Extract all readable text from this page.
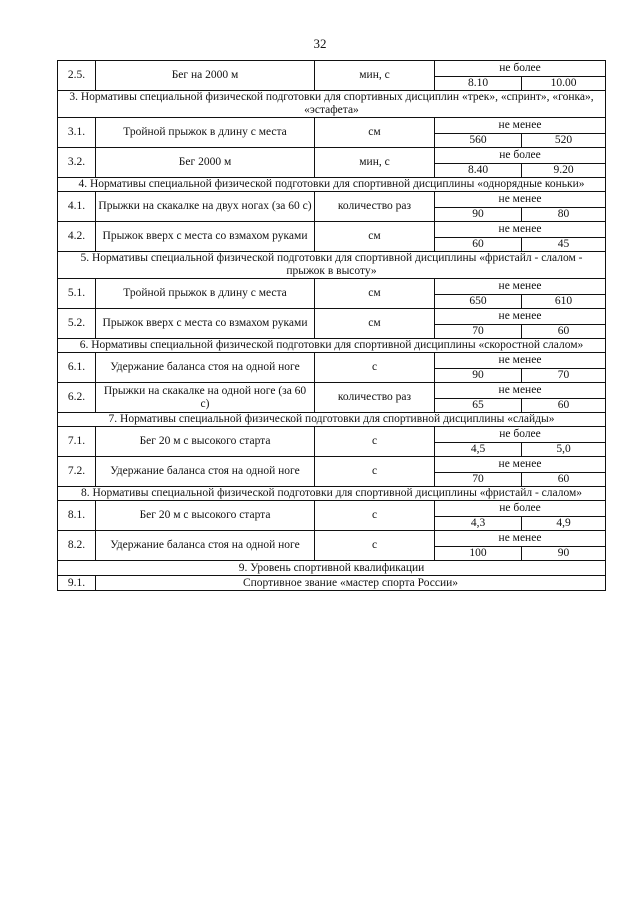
32
2.5.	Бег на 2000 м	мин, с	не более	
			8.10	10.00
3. Нормативы специальной физической подготовки для спортивных дисциплин «трек», «спринт», «гонка», «эстафета»				
3.1.	Тройной прыжок в длину с места	см	не менее	
			560	520
3.2.	Бег 2000 м	мин, с	не более	
			8.40	9.20
4. Нормативы специальной физической подготовки для спортивной дисциплины «однорядные коньки»				
4.1.	Прыжки на скакалке на двух ногах (за 60 с)	количество раз	не менее	
			90	80
4.2.	Прыжок вверх с места со взмахом руками	см	не менее	
			60	45
5. Нормативы специальной физической подготовки для спортивной дисциплины «фристайл - слалом - прыжок в высоту»				
5.1.	Тройной прыжок в длину с места	см	не менее	
			650	610
5.2.	Прыжок вверх с места со взмахом руками	см	не менее	
			70	60
6. Нормативы специальной физической подготовки для спортивной дисциплины «скоростной слалом»				
6.1.	Удержание баланса стоя на одной ноге	с	не менее	
			90	70
6.2.	Прыжки на скакалке на одной ноге (за 60 с)	количество раз	не менее	
			65	60
7. Нормативы специальной физической подготовки для спортивной дисциплины «слайды»				
7.1.	Бег 20 м с высокого старта	с	не более	
			4,5	5,0
7.2.	Удержание баланса стоя на одной ноге	с	не менее	
			70	60
8. Нормативы специальной физической подготовки для спортивной дисциплины «фристайл - слалом»				
8.1.	Бег 20 м с высокого старта	с	не более	
			4,3	4,9
8.2.	Удержание баланса стоя на одной ноге	с	не менее	
			100	90
9. Уровень спортивной квалификации				
9.1.	Спортивное звание «мастер спорта России»			
